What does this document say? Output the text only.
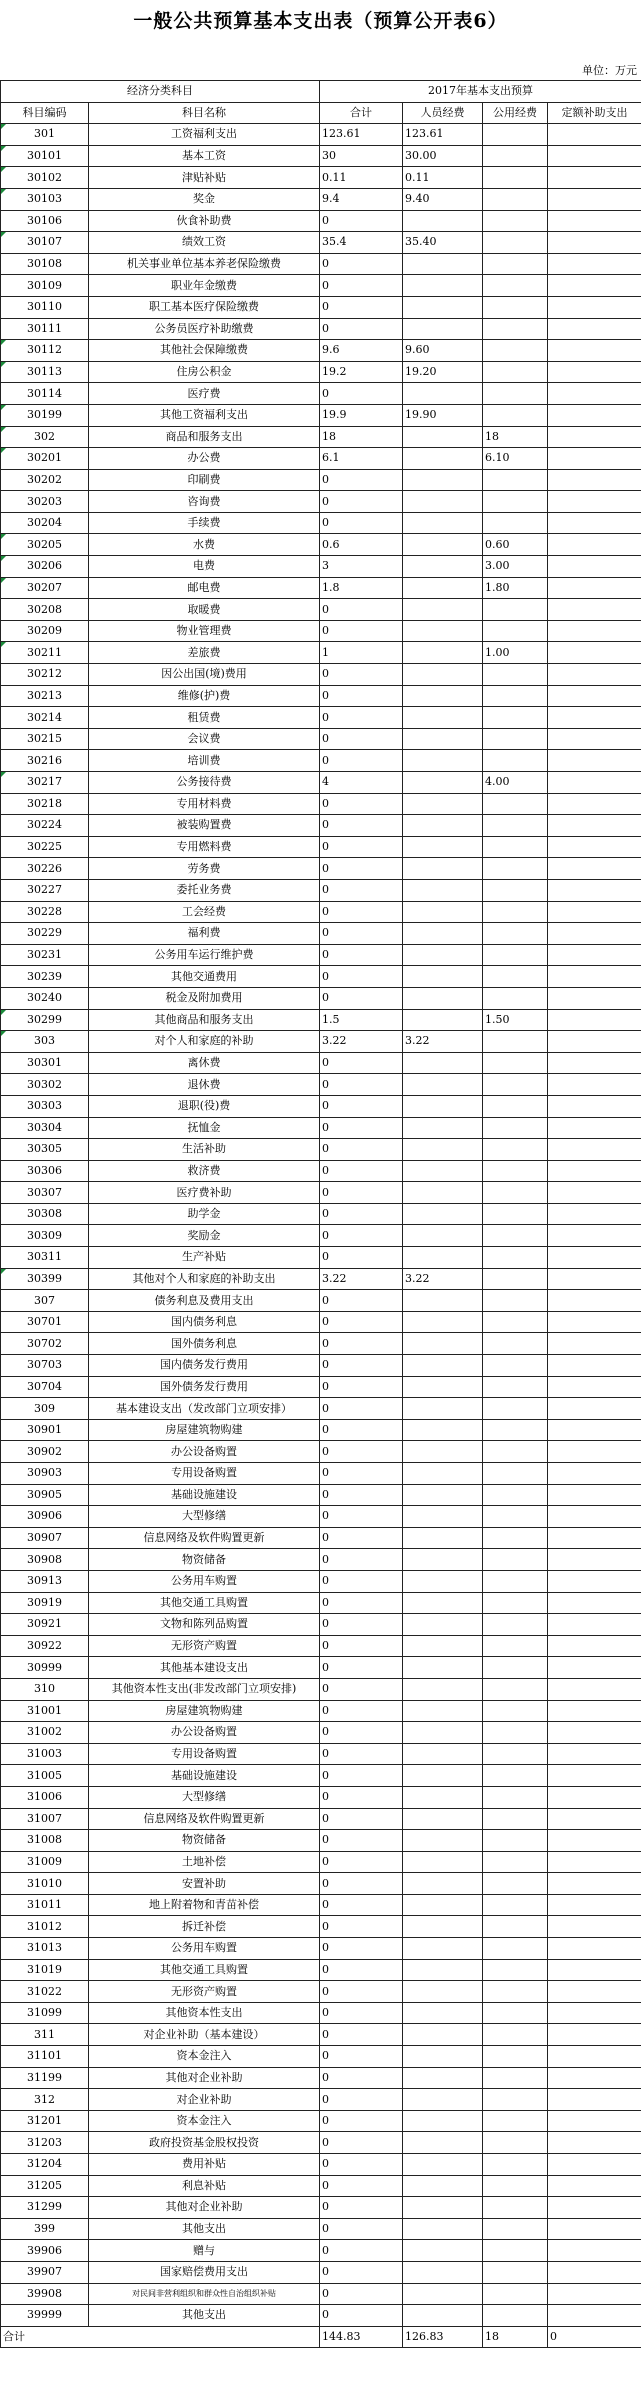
一般公共预算基本支出表（预算公开表6）
单位：万元
经济分类科目		2017年基本支出预算			
科目编码	科目名称	合计	人员经费	公用经费	定额补助支出
301	工资福利支出	123.61	123.61		
30101	基本工资	30	30.00		
30102	津贴补贴	0.11	0.11		
30103	奖金	9.4	9.40		
30106	伙食补助费	0			
30107	绩效工资	35.4	35.40		
30108	机关事业单位基本养老保险缴费	0			
30109	职业年金缴费	0			
30110	职工基本医疗保险缴费	0			
30111	公务员医疗补助缴费	0			
30112	其他社会保障缴费	9.6	9.60		
30113	住房公积金	19.2	19.20		
30114	医疗费	0			
30199	其他工资福利支出	19.9	19.90		
302	商品和服务支出	18		18	
30201	办公费	6.1		6.10	
30202	印刷费	0			
30203	咨询费	0			
30204	手续费	0			
30205	水费	0.6		0.60	
30206	电费	3		3.00	
30207	邮电费	1.8		1.80	
30208	取暖费	0			
30209	物业管理费	0			
30211	差旅费	1		1.00	
30212	因公出国(境)费用	0			
30213	维修(护)费	0			
30214	租赁费	0			
30215	会议费	0			
30216	培训费	0			
30217	公务接待费	4		4.00	
30218	专用材料费	0			
30224	被装购置费	0			
30225	专用燃料费	0			
30226	劳务费	0			
30227	委托业务费	0			
30228	工会经费	0			
30229	福利费	0			
30231	公务用车运行维护费	0			
30239	其他交通费用	0			
30240	税金及附加费用	0			
30299	其他商品和服务支出	1.5		1.50	
303	对个人和家庭的补助	3.22	3.22		
30301	离休费	0			
30302	退休费	0			
30303	退职(役)费	0			
30304	抚恤金	0			
30305	生活补助	0			
30306	救济费	0			
30307	医疗费补助	0			
30308	助学金	0			
30309	奖励金	0			
30311	生产补贴	0			
30399	其他对个人和家庭的补助支出	3.22	3.22		
307	债务利息及费用支出	0			
30701	国内债务利息	0			
30702	国外债务利息	0			
30703	国内债务发行费用	0			
30704	国外债务发行费用	0			
309	基本建设支出（发改部门立项安排）	0			
30901	房屋建筑物购建	0			
30902	办公设备购置	0			
30903	专用设备购置	0			
30905	基础设施建设	0			
30906	大型修缮	0			
30907	信息网络及软件购置更新	0			
30908	物资储备	0			
30913	公务用车购置	0			
30919	其他交通工具购置	0			
30921	文物和陈列品购置	0			
30922	无形资产购置	0			
30999	其他基本建设支出	0			
310	其他资本性支出(非发改部门立项安排)	0			
31001	房屋建筑物购建	0			
31002	办公设备购置	0			
31003	专用设备购置	0			
31005	基础设施建设	0			
31006	大型修缮	0			
31007	信息网络及软件购置更新	0			
31008	物资储备	0			
31009	土地补偿	0			
31010	安置补助	0			
31011	地上附着物和青苗补偿	0			
31012	拆迁补偿	0			
31013	公务用车购置	0			
31019	其他交通工具购置	0			
31022	无形资产购置	0			
31099	其他资本性支出	0			
311	对企业补助（基本建设）	0			
31101	资本金注入	0			
31199	其他对企业补助	0			
312	对企业补助	0			
31201	资本金注入	0			
31203	政府投资基金股权投资	0			
31204	费用补贴	0			
31205	利息补贴	0			
31299	其他对企业补助	0			
399	其他支出	0			
39906	赠与	0			
39907	国家赔偿费用支出	0			
39908	对民间非营利组织和群众性自治组织补贴	0			
39999	其他支出	0			
合计		144.83	126.83	18	0
